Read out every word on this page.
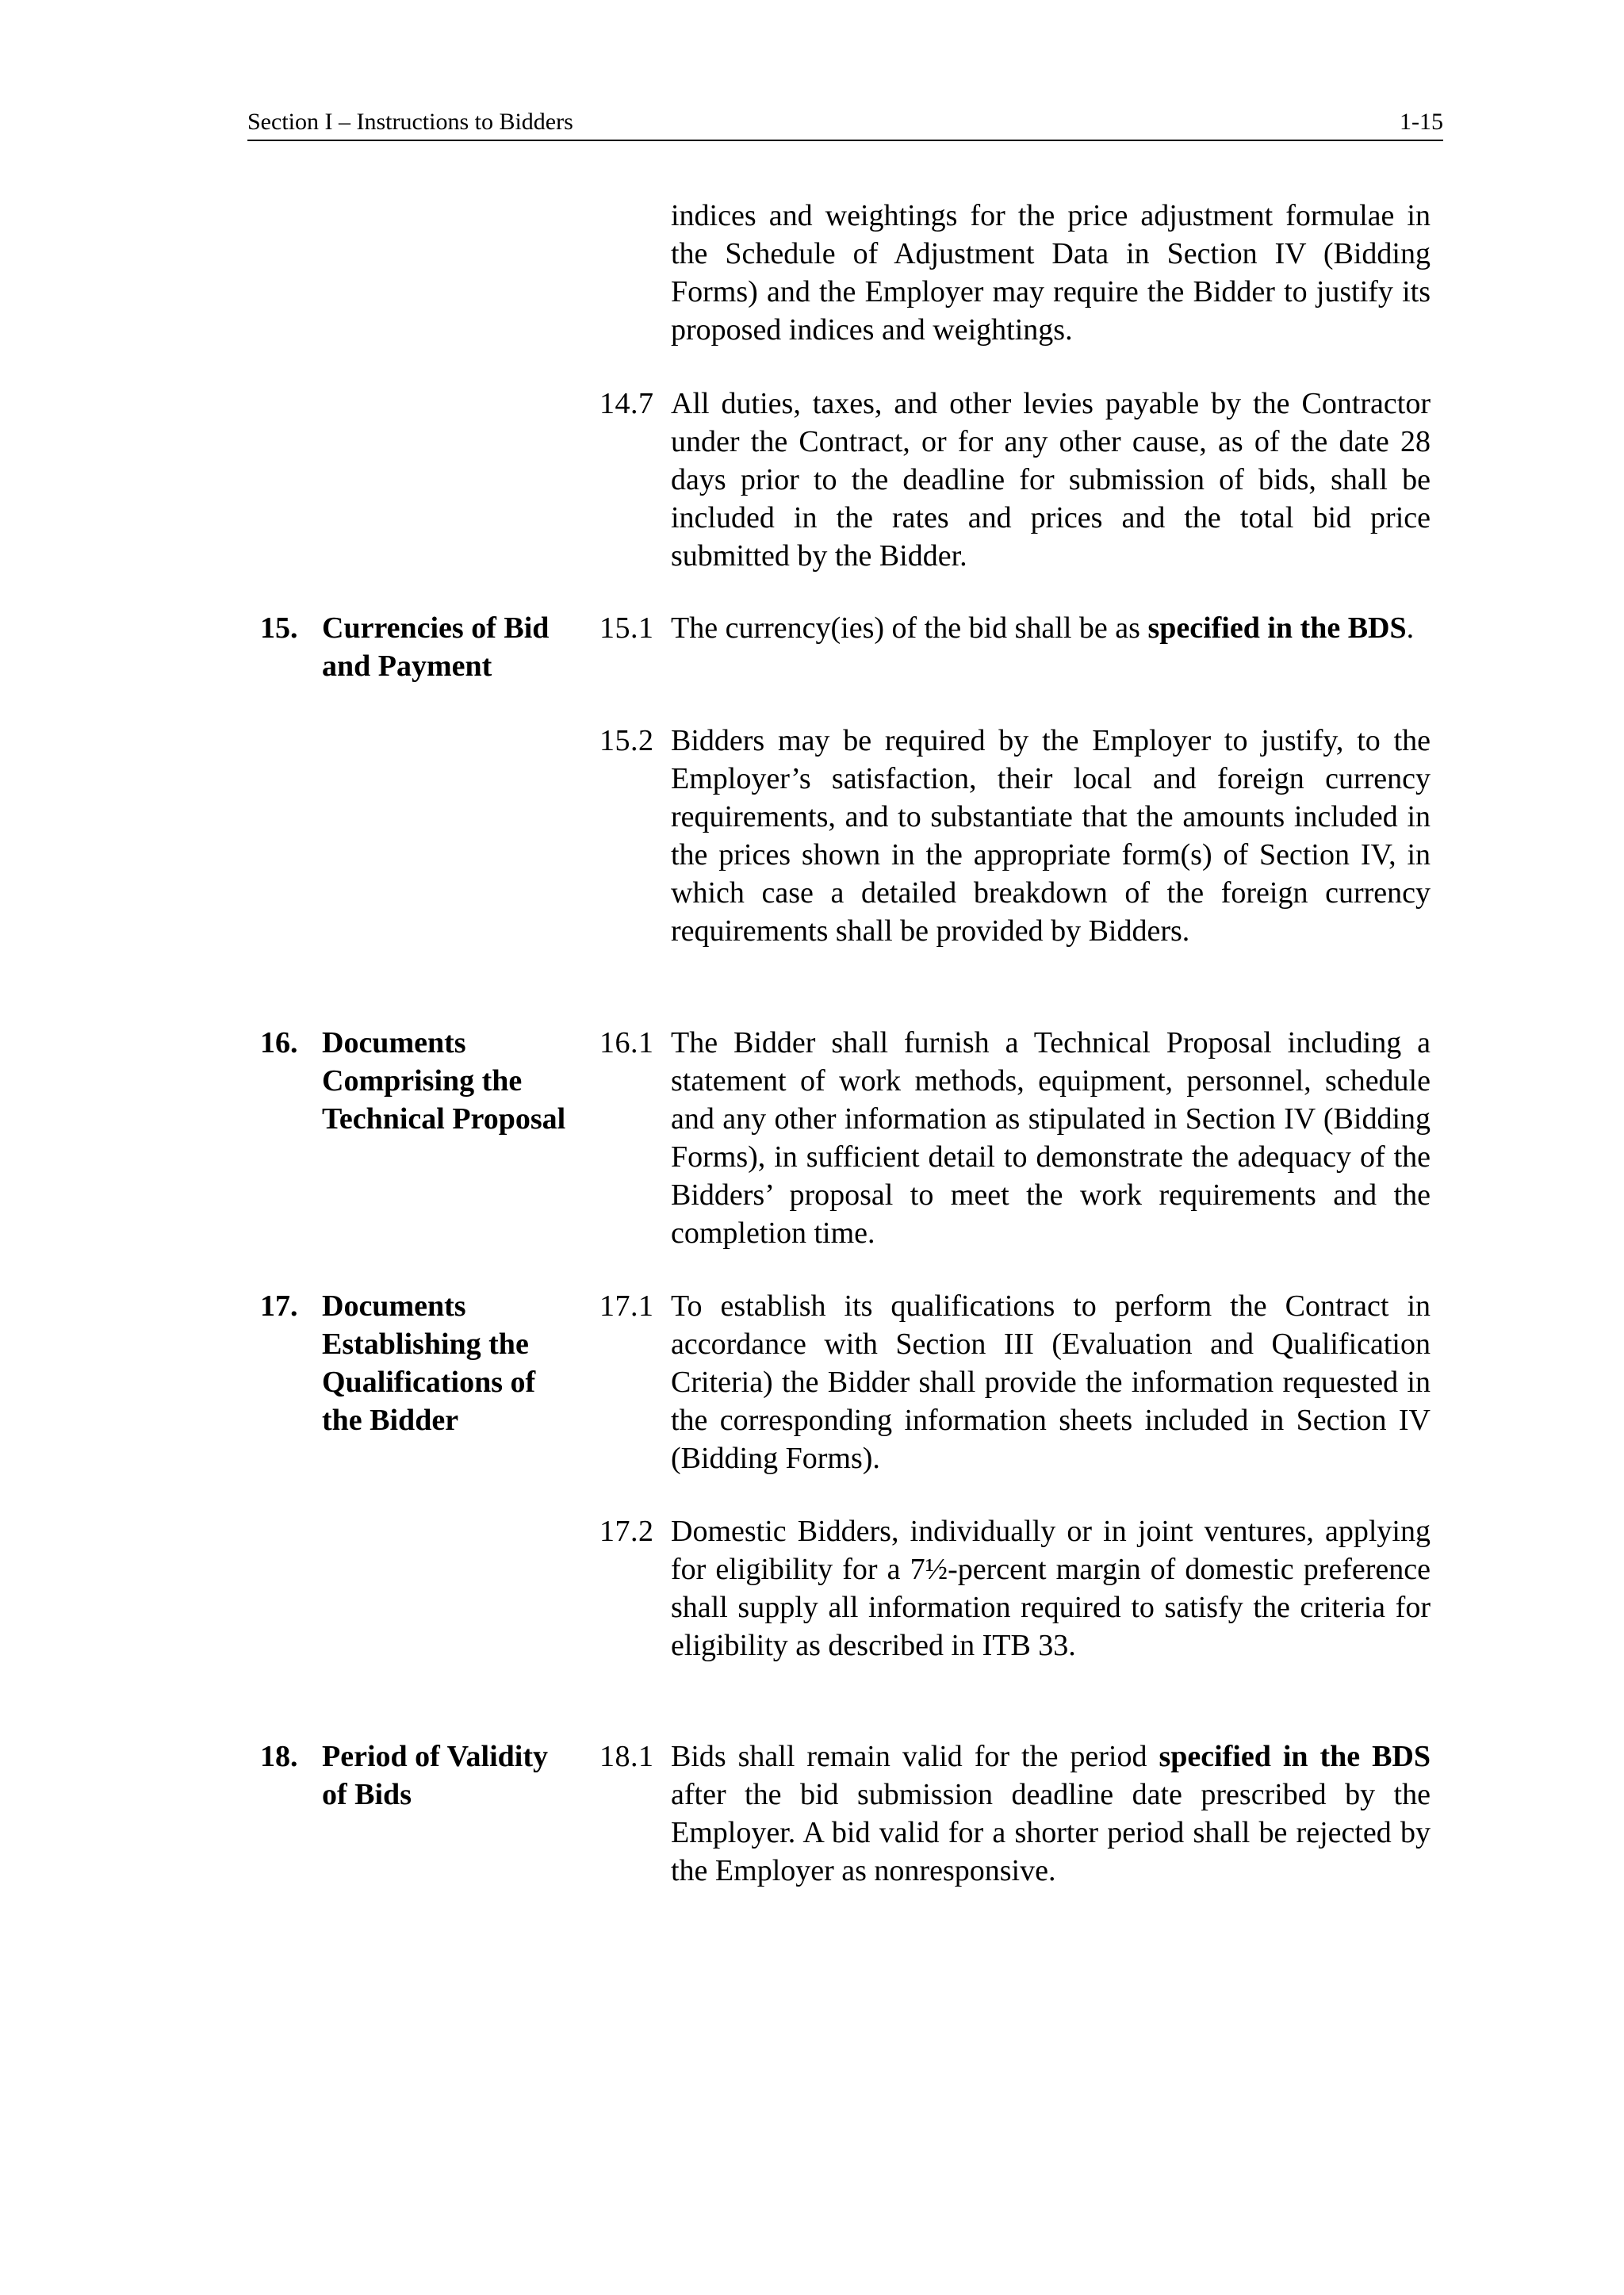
Section I – Instructions to Bidders	1-15
indices and weightings for the price adjustment formulae in the Schedule of Adjustment Data in Section IV (Bidding Forms) and the Employer may require the Bidder to justify its proposed indices and weightings.
14.7 All duties, taxes, and other levies payable by the Contractor under the Contract, or for any other cause, as of the date 28 days prior to the deadline for submission of bids, shall be included in the rates and prices and the total bid price submitted by the Bidder.
15. Currencies of Bid and Payment
15.1 The currency(ies) of the bid shall be as specified in the BDS.
15.2 Bidders may be required by the Employer to justify, to the Employer’s satisfaction, their local and foreign currency requirements, and to substantiate that the amounts included in the prices shown in the appropriate form(s) of Section IV, in which case a detailed breakdown of the foreign currency requirements shall be provided by Bidders.
16. Documents Comprising the Technical Proposal
16.1 The Bidder shall furnish a Technical Proposal including a statement of work methods, equipment, personnel, schedule and any other information as stipulated in Section IV (Bidding Forms), in sufficient detail to demonstrate the adequacy of the Bidders’ proposal to meet the work requirements and the completion time.
17. Documents Establishing the Qualifications of the Bidder
17.1 To establish its qualifications to perform the Contract in accordance with Section III (Evaluation and Qualification Criteria) the Bidder shall provide the information requested in the corresponding information sheets included in Section IV (Bidding Forms).
17.2 Domestic Bidders, individually or in joint ventures, applying for eligibility for a 7½-percent margin of domestic preference shall supply all information required to satisfy the criteria for eligibility as described in ITB 33.
18. Period of Validity of Bids
18.1 Bids shall remain valid for the period specified in the BDS after the bid submission deadline date prescribed by the Employer. A bid valid for a shorter period shall be rejected by the Employer as nonresponsive.
